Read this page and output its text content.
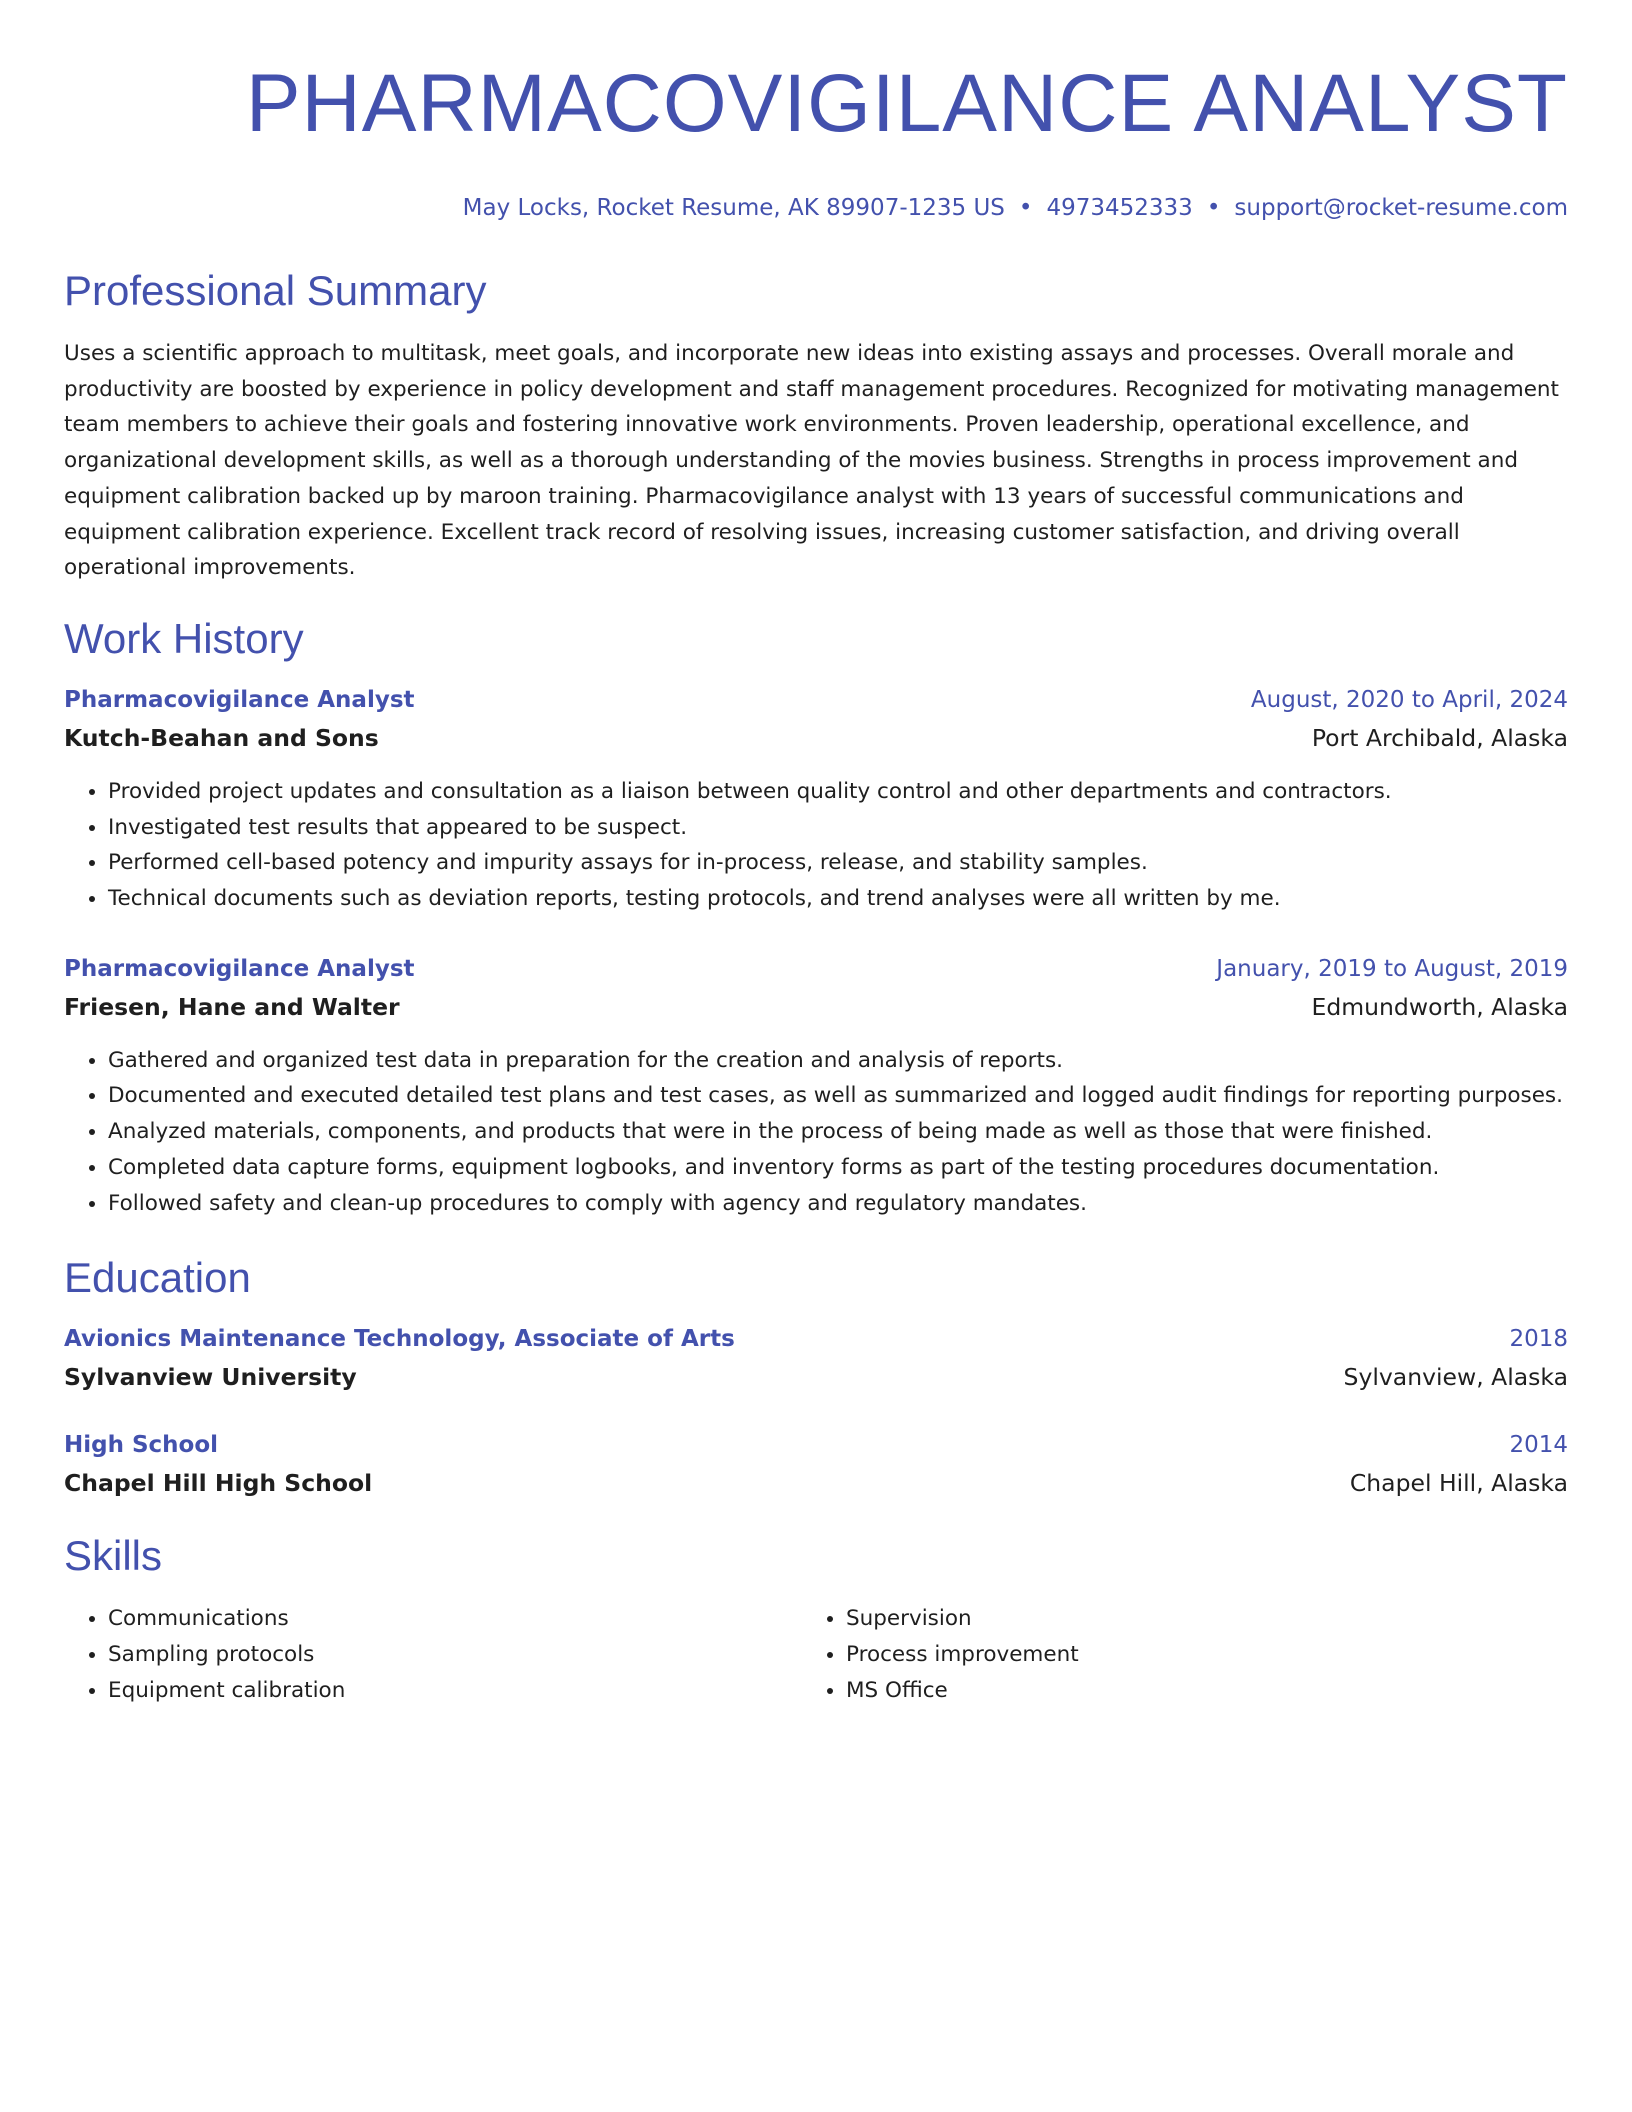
PHARMACOVIGILANCE ANALYST
May Locks, Rocket Resume, AK 89907-1235 US • 4973452333 • support@rocket-resume.com
Professional Summary
Uses a scientific approach to multitask, meet goals, and incorporate new ideas into existing assays and processes. Overall morale and productivity are boosted by experience in policy development and staff management procedures. Recognized for motivating management team members to achieve their goals and fostering innovative work environments. Proven leadership, operational excellence, and organizational development skills, as well as a thorough understanding of the movies business. Strengths in process improvement and equipment calibration backed up by maroon training. Pharmacovigilance analyst with 13 years of successful communications and equipment calibration experience. Excellent track record of resolving issues, increasing customer satisfaction, and driving overall operational improvements.
Work History
Pharmacovigilance Analyst	August, 2020 to April, 2024
Kutch-Beahan and Sons	Port Archibald, Alaska
• Provided project updates and consultation as a liaison between quality control and other departments and contractors.
• Investigated test results that appeared to be suspect.
• Performed cell-based potency and impurity assays for in-process, release, and stability samples.
• Technical documents such as deviation reports, testing protocols, and trend analyses were all written by me.
Pharmacovigilance Analyst	January, 2019 to August, 2019
Friesen, Hane and Walter	Edmundworth, Alaska
• Gathered and organized test data in preparation for the creation and analysis of reports.
• Documented and executed detailed test plans and test cases, as well as summarized and logged audit findings for reporting purposes.
• Analyzed materials, components, and products that were in the process of being made as well as those that were finished.
• Completed data capture forms, equipment logbooks, and inventory forms as part of the testing procedures documentation.
• Followed safety and clean-up procedures to comply with agency and regulatory mandates.
Education
Avionics Maintenance Technology, Associate of Arts	2018
Sylvanview University	Sylvanview, Alaska
High School	2014
Chapel Hill High School	Chapel Hill, Alaska
Skills
• Communications
• Sampling protocols
• Equipment calibration
• Supervision
• Process improvement
• MS Office
